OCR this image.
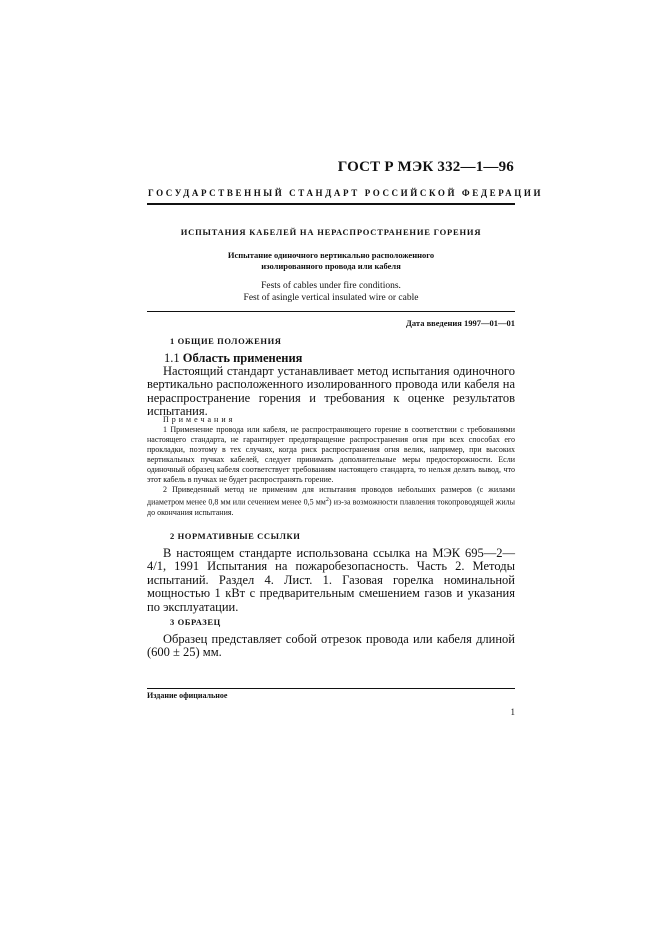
ГОСТ Р МЭК 332—1—96
ГОСУДАРСТВЕННЫЙ СТАНДАРТ РОССИЙСКОЙ ФЕДЕРАЦИИ
ИСПЫТАНИЯ КАБЕЛЕЙ НА НЕРАСПРОСТРАНЕНИЕ ГОРЕНИЯ
Испытание одиночного вертикально расположенного
изолированного провода или кабеля
Fests of cables under fire conditions.
Fest of asingle vertical insulated wire or cable
Дата введения 1997—01—01
1 ОБЩИЕ ПОЛОЖЕНИЯ
1.1 Область применения
Настоящий стандарт устанавливает метод испытания одиночного вертикально расположенного изолированного провода или кабеля на нераспространение горения и требования к оценке результатов испытания.
Примечания

1 Применение провода или кабеля, не распространяющего горение в соответствии с требованиями настоящего стандарта, не гарантирует предотвращение распространения огня при всех способах его прокладки, поэтому в тех случаях, когда риск распространения огня велик, например, при высоких вертикальных пучках кабелей, следует принимать дополнительные меры предосторожности. Если одиночный образец кабеля соответствует требованиям настоящего стандарта, то нельзя делать вывод, что этот кабель в пучках не будет распространять горение.

2 Приведенный метод не применим для испытания проводов небольших размеров (с жилами диаметром менее 0,8 мм или сечением менее 0,5 $мм^2$) из-за возможности плавления токопроводящей жилы до окончания испытания.

2 НОРМАТИВНЫЕ ССЫЛКИ
В настоящем стандарте использована ссылка на МЭК 695—2—4/1, 1991 Испытания на пожаробезопасность. Часть 2. Методы испытаний. Раздел 4. Лист. 1. Газовая горелка номинальной мощностью 1 кВт с предварительным смешением газов и указания по эксплуатации.
3 ОБРАЗЕЦ
Образец представляет собой отрезок провода или кабеля длиной (600 ± 25) мм.
Издание официальное
1
